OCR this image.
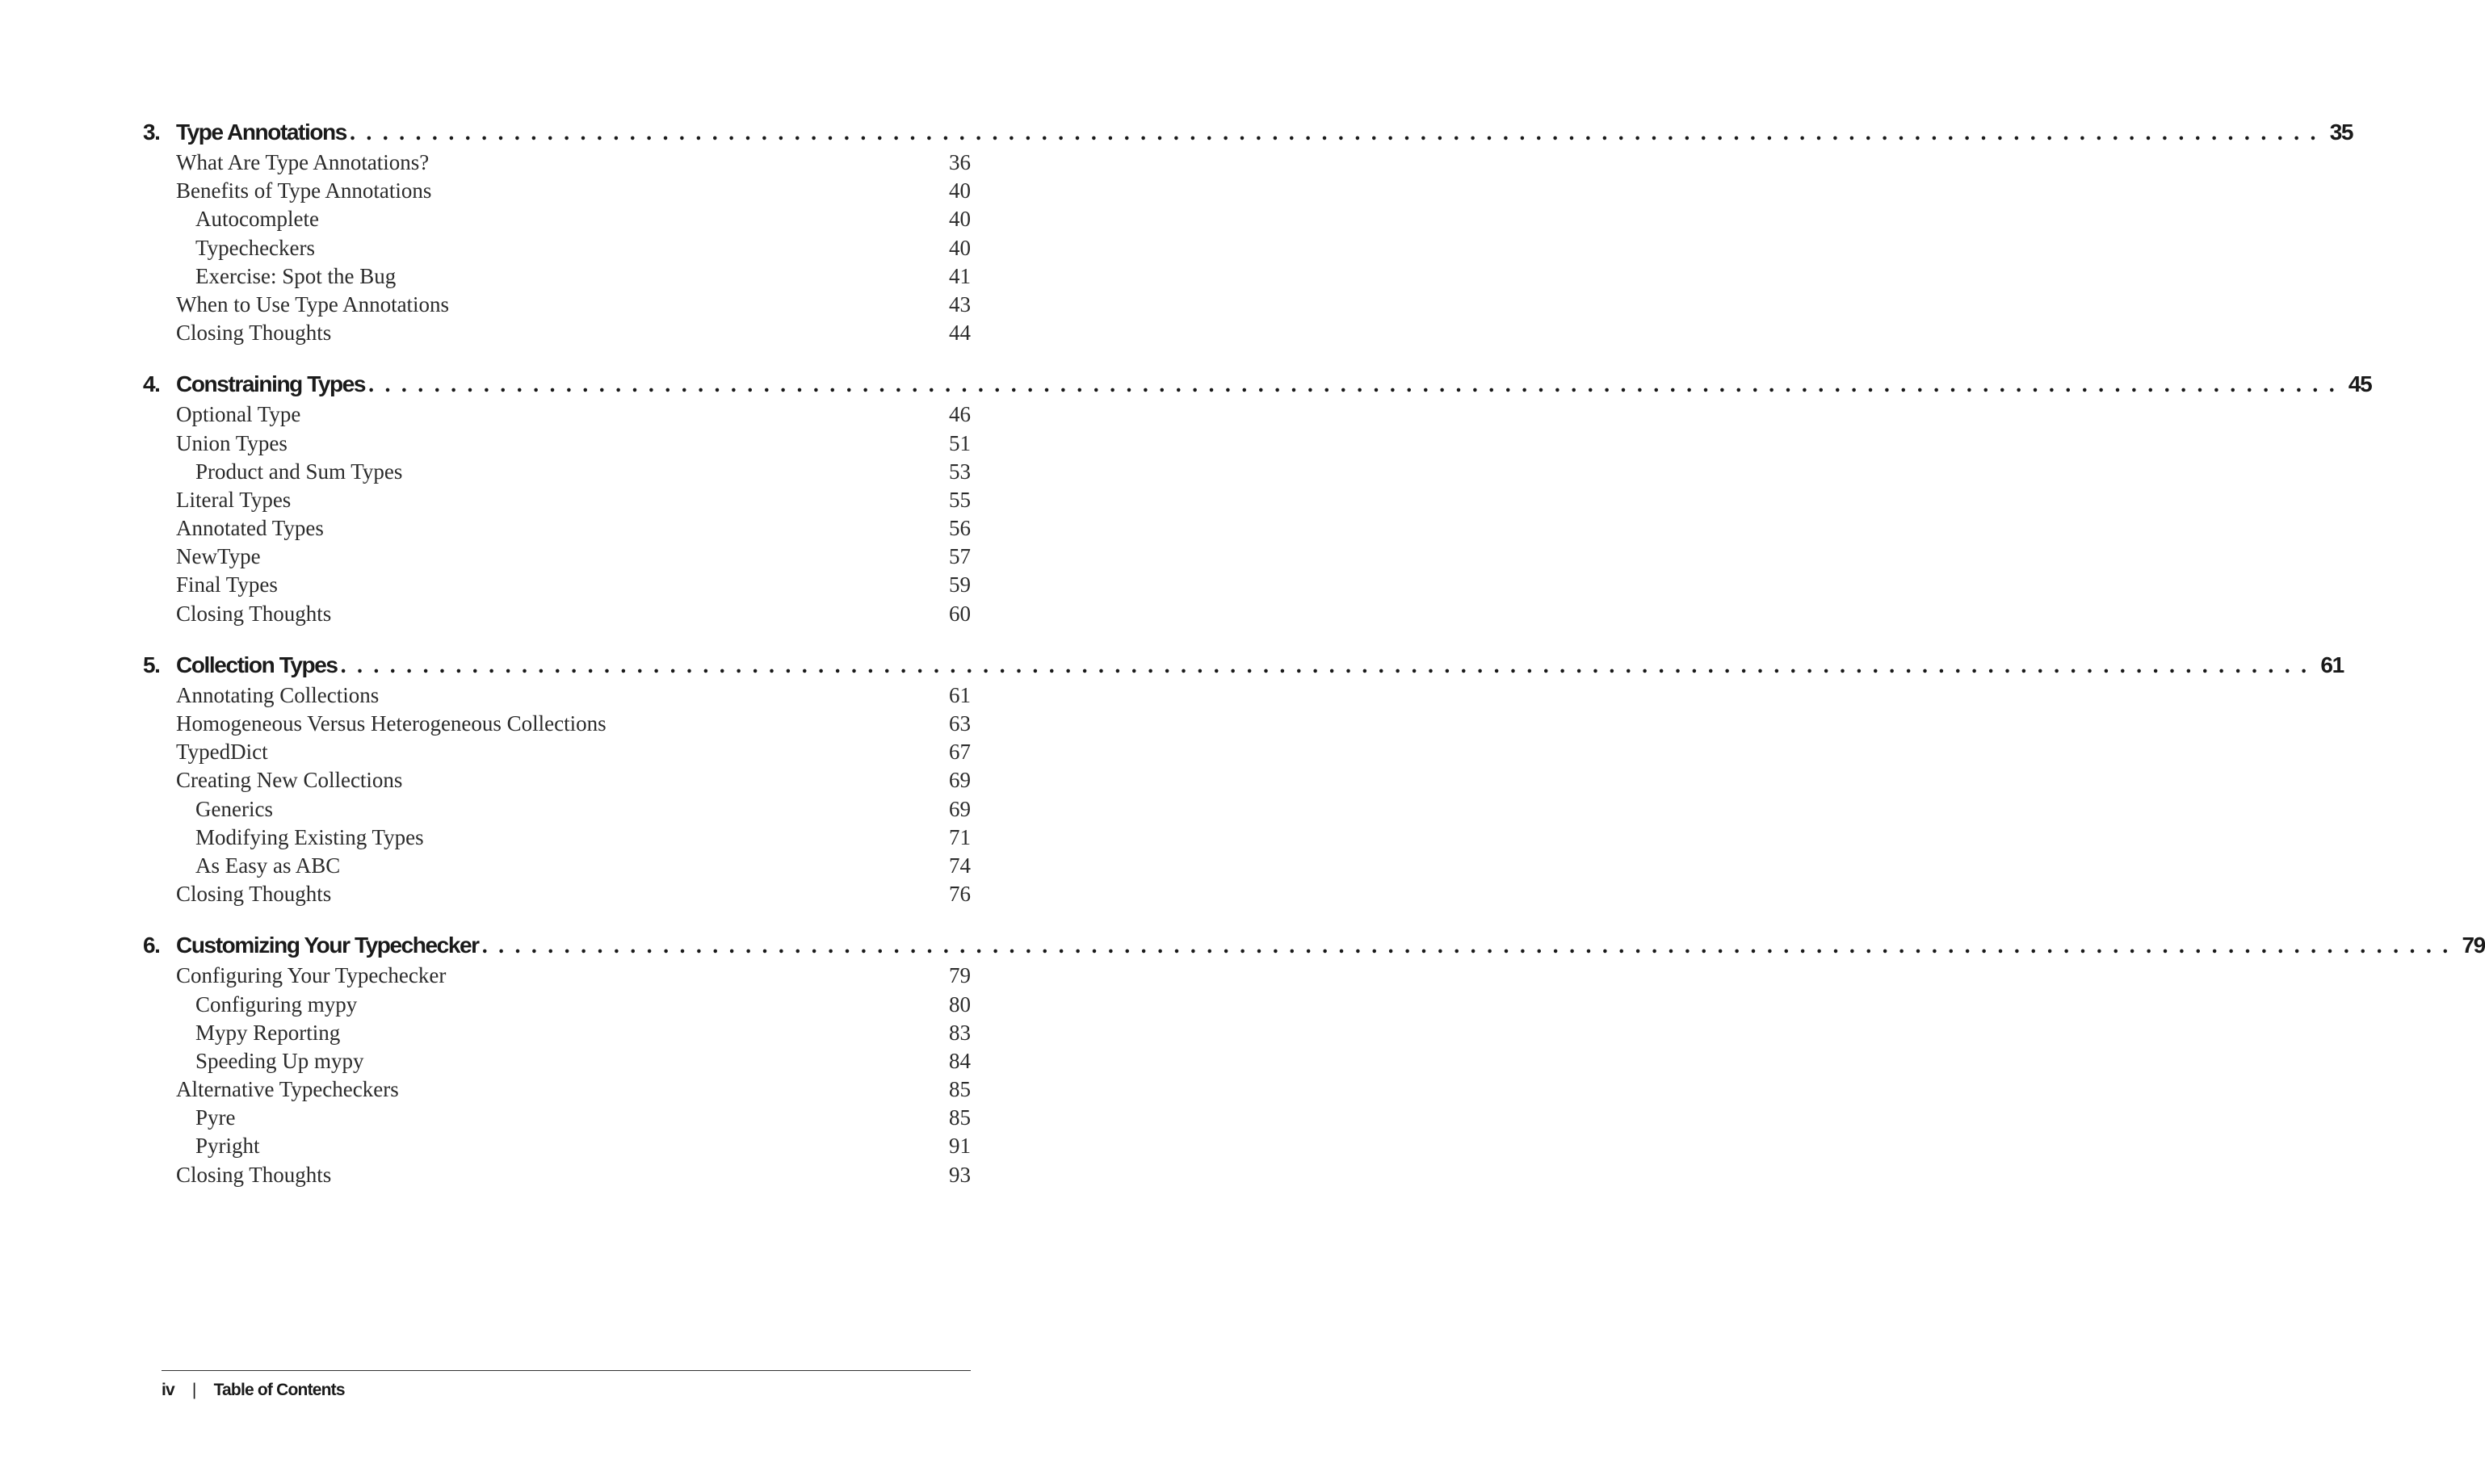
3. Type Annotations . . . . . . . . . . . . . . . . . . . . . . . . . . . . . . . . . . . . . . . . . . . . . . . . . . . . . . . . . . . . . . . . . . . . . . . . . . . . . . . . . . . . . . . . . . . . . . . . . . . . . . . . . . . . . . . . . . . . . . . . 35
What Are Type Annotations?	36
Benefits of Type Annotations	40
Autocomplete	40
Typecheckers	40
Exercise: Spot the Bug	41
When to Use Type Annotations	43
Closing Thoughts	44
4. Constraining Types . . . . . . . . . . . . . . . . . . . . . . . . . . . . . . . . . . . . . . . . . . . . . . . . . . . . . . . . . . . . . . . . . . . . . . . . . . . . . . . . . . . . . . . . . . . . . . . . . . . . . . . . . . . . . . . . . . . . . . . . 45
Optional Type	46
Union Types	51
Product and Sum Types	53
Literal Types	55
Annotated Types	56
NewType	57
Final Types	59
Closing Thoughts	60
5. Collection Types . . . . . . . . . . . . . . . . . . . . . . . . . . . . . . . . . . . . . . . . . . . . . . . . . . . . . . . . . . . . . . . . . . . . . . . . . . . . . . . . . . . . . . . . . . . . . . . . . . . . . . . . . . . . . . . . . . . . . . . . 61
Annotating Collections	61
Homogeneous Versus Heterogeneous Collections	63
TypedDict	67
Creating New Collections	69
Generics	69
Modifying Existing Types	71
As Easy as ABC	74
Closing Thoughts	76
6. Customizing Your Typechecker . . . . . . . . . . . . . . . . . . . . . . . . . . . . . . . . . . . . . . . . . . . . . . . . . . . . . . . . . . . . . . . . . . . . . . . . . . . . . . . . . . . . . . . . . . . . . . . . . . . . . . . . . . . . . . . . . . . . . . . . 79
Configuring Your Typechecker	79
Configuring mypy	80
Mypy Reporting	83
Speeding Up mypy	84
Alternative Typecheckers	85
Pyre	85
Pyright	91
Closing Thoughts	93
iv | Table of Contents
